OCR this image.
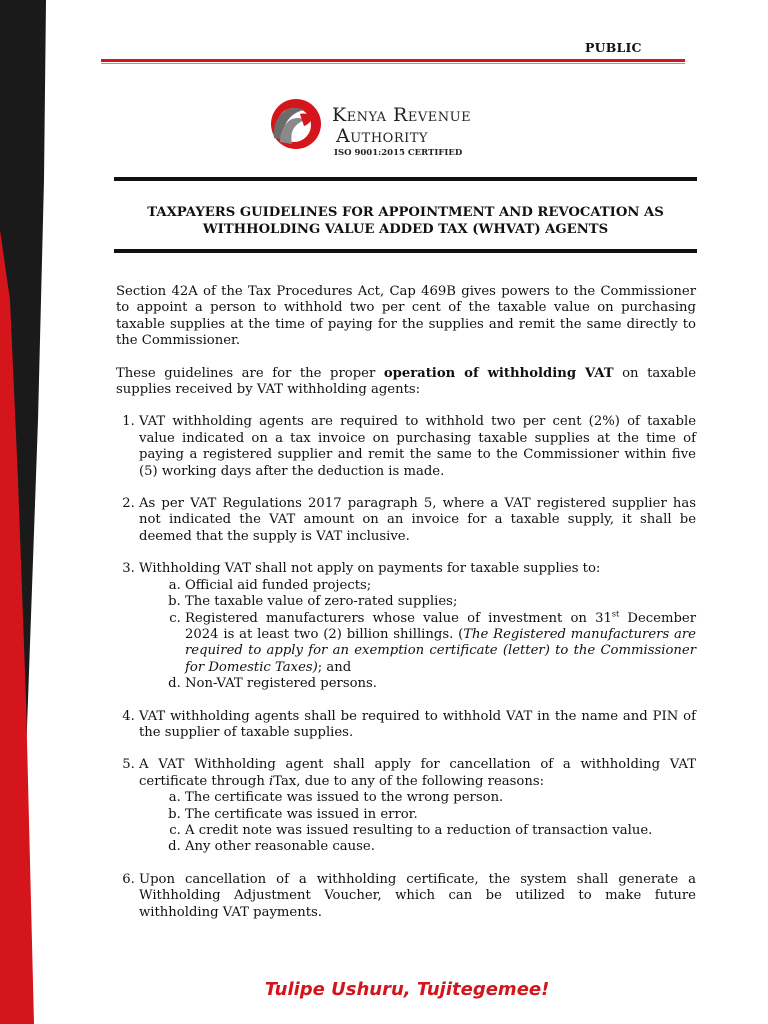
PUBLIC
Kenya Revenue
Authority
ISO 9001:2015 CERTIFIED
TAXPAYERS GUIDELINES FOR APPOINTMENT AND REVOCATION AS
WITHHOLDING VALUE ADDED TAX (WHVAT) AGENTS

Section 42A of the Tax Procedures Act, Cap 469B gives powers to the Commissioner to appoint a person to withhold two per cent of the taxable value on purchasing taxable supplies at the time of paying for the supplies and remit the same directly to the Commissioner.

These guidelines are for the proper operation of withholding VAT on taxable supplies received by VAT withholding agents:

1. VAT withholding agents are required to withhold two per cent (2%) of taxable value indicated on a tax invoice on purchasing taxable supplies at the time of paying a registered supplier and remit the same to the Commissioner within five (5) working days after the deduction is made.
2. As per VAT Regulations 2017 paragraph 5, where a VAT registered supplier has not indicated the VAT amount on an invoice for a taxable supply, it shall be deemed that the supply is VAT inclusive.
3. Withholding VAT shall not apply on payments for taxable supplies to:
a. Official aid funded projects;
b. The taxable value of zero-rated supplies;
c. Registered manufacturers whose value of investment on 31st December 2024 is at least two (2) billion shillings. (The Registered manufacturers are required to apply for an exemption certificate (letter) to the Commissioner for Domestic Taxes); and
d. Non-VAT registered persons.
4. VAT withholding agents shall be required to withhold VAT in the name and PIN of the supplier of taxable supplies.
5. A VAT Withholding agent shall apply for cancellation of a withholding VAT certificate through iTax, due to any of the following reasons:
a. The certificate was issued to the wrong person.
b. The certificate was issued in error.
c. A credit note was issued resulting to a reduction of transaction value.
d. Any other reasonable cause.
6. Upon cancellation of a withholding certificate, the system shall generate a Withholding Adjustment Voucher, which can be utilized to make future withholding VAT payments.
Tulipe Ushuru, Tujitegemee!
